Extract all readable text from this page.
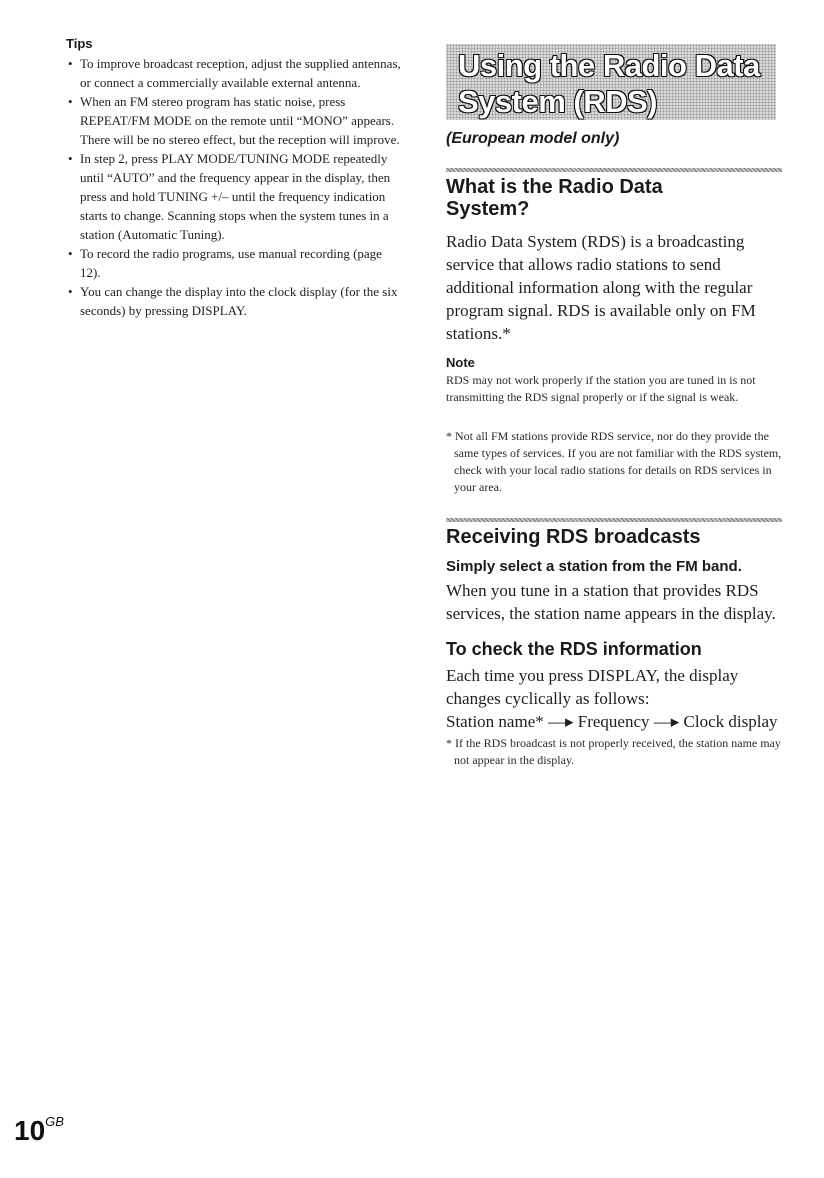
Tips
• To improve broadcast reception, adjust the supplied antennas, or connect a commercially available external antenna.
• When an FM stereo program has static noise, press REPEAT/FM MODE on the remote until “MONO” appears. There will be no stereo effect, but the reception will improve.
• In step 2, press PLAY MODE/TUNING MODE repeatedly until “AUTO” and the frequency appear in the display, then press and hold TUNING +/– until the frequency indication starts to change. Scanning stops when the system tunes in a station (Automatic Tuning).
• To record the radio programs, use manual recording (page 12).
• You can change the display into the clock display (for the six seconds) by pressing DISPLAY.
Using the Radio Data
System (RDS)
(European model only)
What is the Radio Data
System?

Radio Data System (RDS) is a broadcasting service that allows radio stations to send additional information along with the regular program signal. RDS is available only on FM stations.*

Note

RDS may not work properly if the station you are tuned in is not transmitting the RDS signal properly or if the signal is weak.

* Not all FM stations provide RDS service, nor do they provide the same types of services. If you are not familiar with the RDS system, check with your local radio stations for details on RDS services in your area.

Receiving RDS broadcasts
Simply select a station from the FM band.

When you tune in a station that provides RDS services, the station name appears in the display.

To check the RDS information

Each time you press DISPLAY, the display changes cyclically as follows:

Station name* —▸ Frequency —▸ Clock display

* If the RDS broadcast is not properly received, the station name may not appear in the display.

$10^{GB}$
